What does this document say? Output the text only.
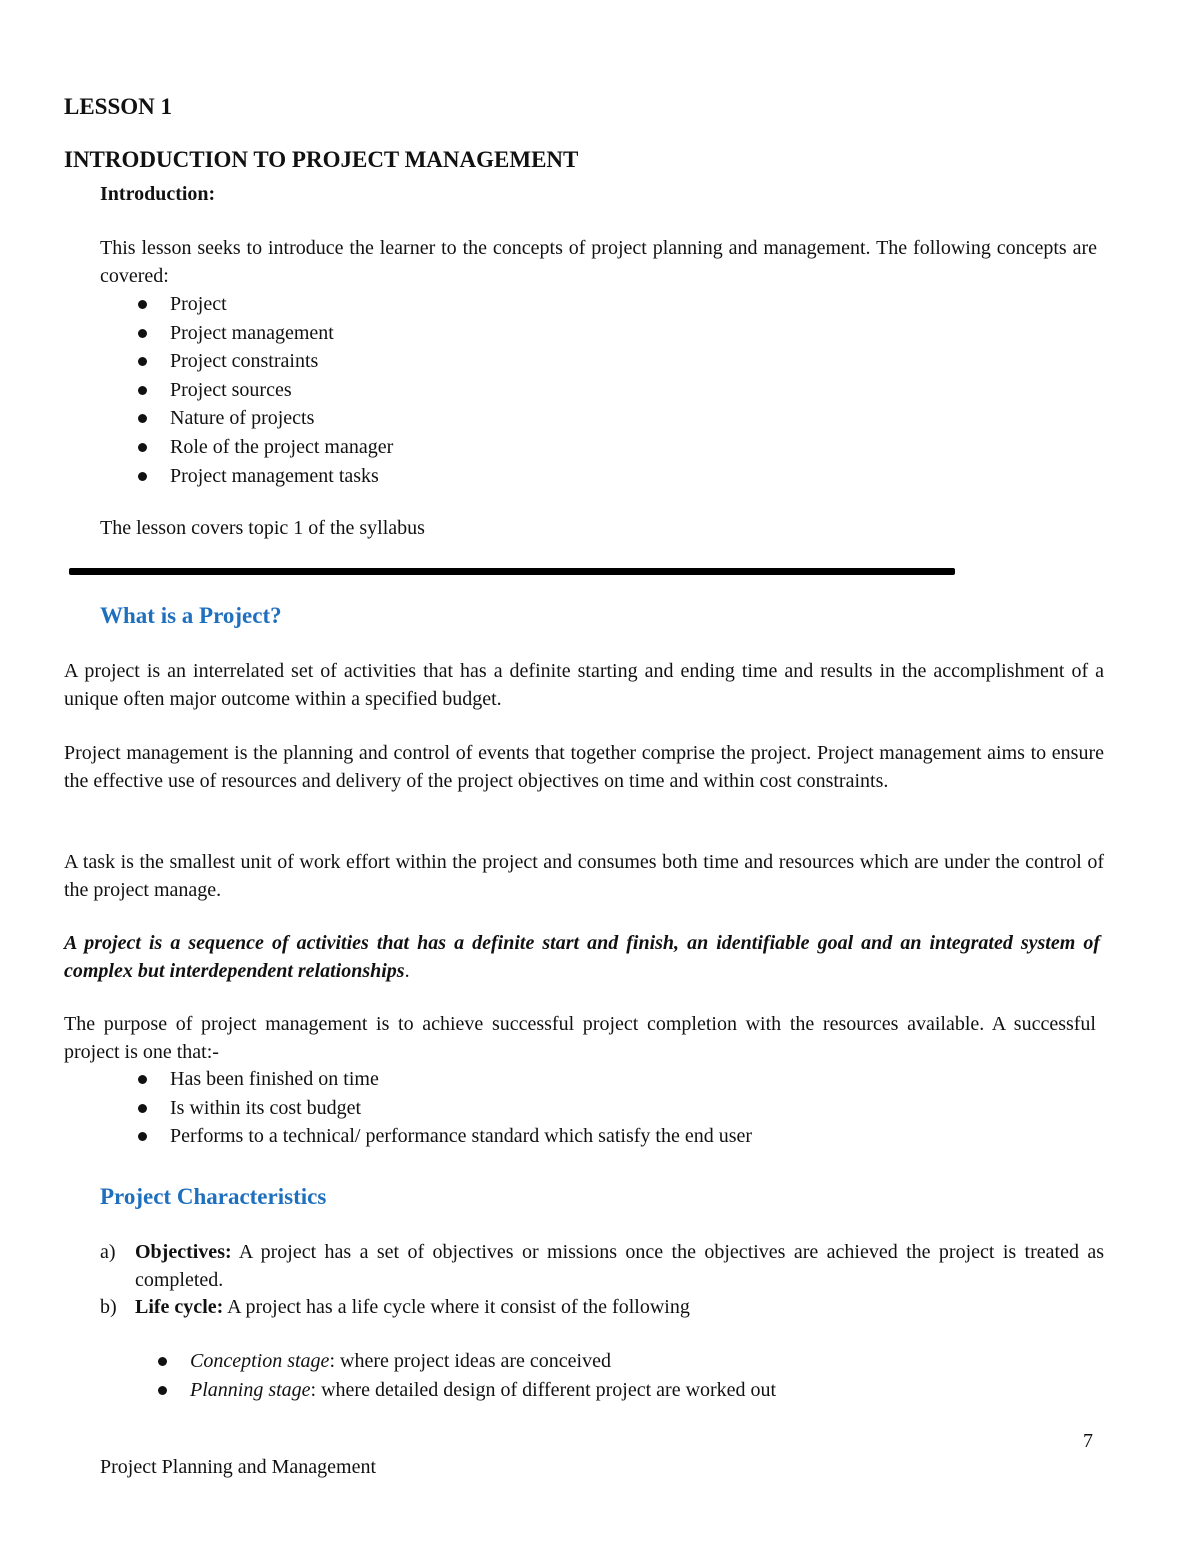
LESSON 1

INTRODUCTION TO PROJECT MANAGEMENT

Introduction:

This lesson seeks to introduce the learner to the concepts of project planning and management. The following concepts are covered:

Project
Project management
Project constraints
Project sources
Nature of projects
Role of the project manager
Project management tasks

The lesson covers topic 1 of the syllabus

What is a Project?

A project is an interrelated set of activities that has a definite starting and ending time and results in the accomplishment of a unique often major outcome within a specified budget.

Project management is the planning and control of events that together comprise the project. Project management aims to ensure the effective use of resources and delivery of the project objectives on time and within cost constraints.

A task is the smallest unit of work effort within the project and consumes both time and resources which are under the control of the project manage.

A project is a sequence of activities that has a definite start and finish, an identifiable goal and an integrated system of complex but interdependent relationships.

The purpose of project management is to achieve successful project completion with the resources available. A successful project is one that:-

Has been finished on time
Is within its cost budget
Performs to a technical/ performance standard which satisfy the end user

Project Characteristics

a) Objectives: A project has a set of objectives or missions once the objectives are achieved the project is treated as completed.
b) Life cycle: A project has a life cycle where it consist of the following
Conception stage: where project ideas are conceived
Planning stage: where detailed design of different project are worked out

7

Project Planning and Management
